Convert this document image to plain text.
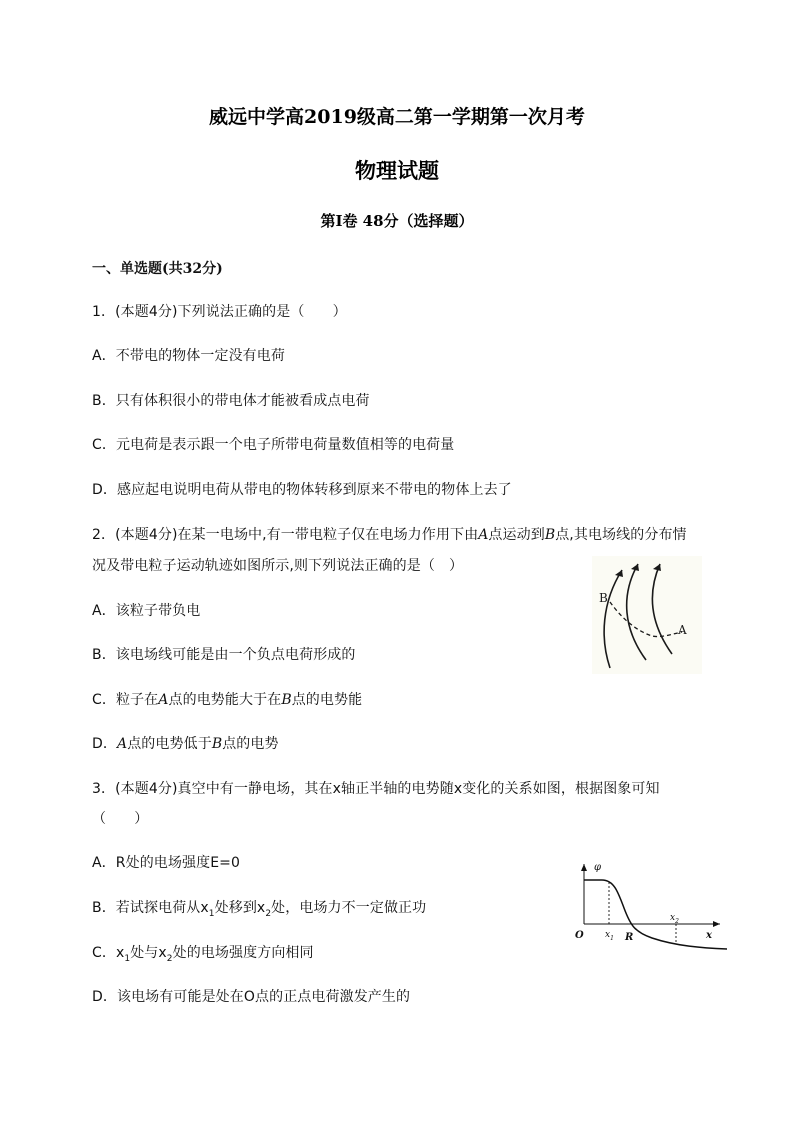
威远中学高2019级高二第一学期第一次月考
物理试题
第Ⅰ卷 48分（选择题）
一、单选题(共32分)
1．(本题4分)下列说法正确的是（　　）
A．不带电的物体一定没有电荷
B．只有体积很小的带电体才能被看成点电荷
C．元电荷是表示跟一个电子所带电荷量数值相等的电荷量
D．感应起电说明电荷从带电的物体转移到原来不带电的物体上去了
2．(本题4分)在某一电场中,有一带电粒子仅在电场力作用下由A点运动到B点,其电场线的分布情
况及带电粒子运动轨迹如图所示,则下列说法正确的是（　）
A．该粒子带负电
B．该电场线可能是由一个负点电荷形成的
C．粒子在A点的电势能大于在B点的电势能
D．A点的电势低于B点的电势
B
A
3．(本题4分)真空中有一静电场，其在x轴正半轴的电势随x变化的关系如图，根据图象可知
（　　）
A．R处的电场强度E=0
B．若试探电荷从$x_1$处移到$x_2$处，电场力不一定做正功
C．$x_1$处与$x_2$处的电场强度方向相同
D．该电场有可能是处在O点的正点电荷激发产生的
φ
O $x_1$ R
$x_2$
x
